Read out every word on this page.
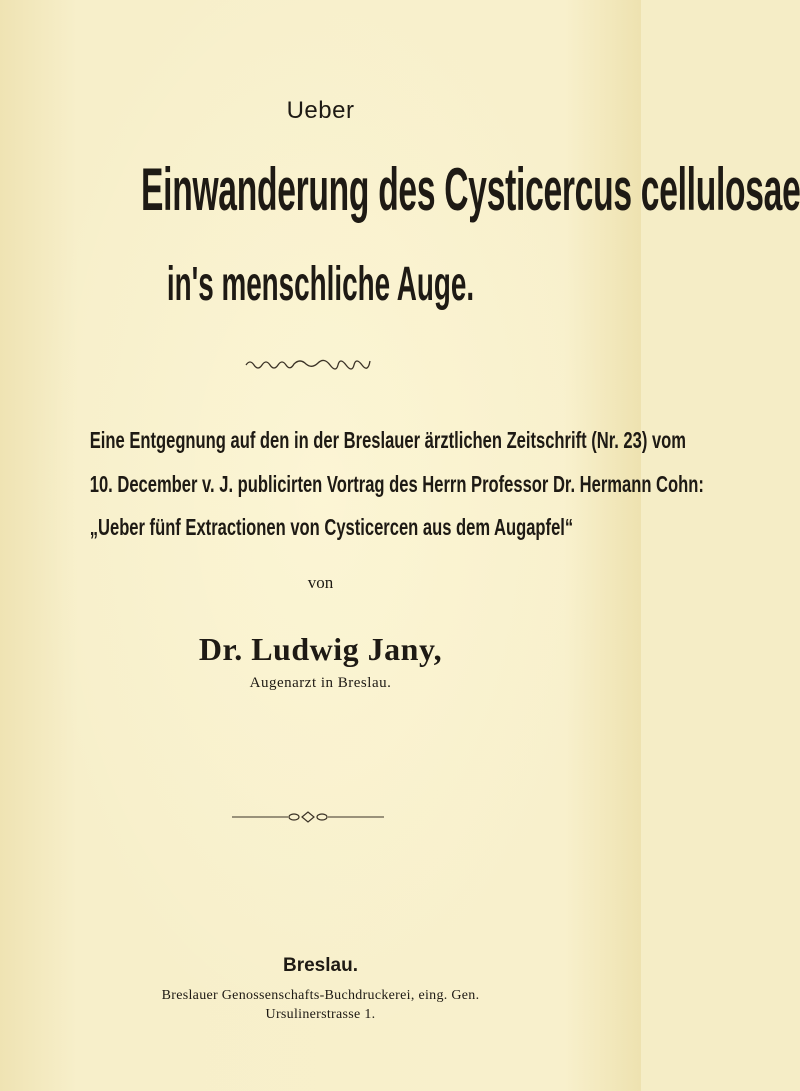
Ueber
Einwanderung des Cysticercus cellulosae
in's menschliche Auge.
Eine Entgegnung auf den in der Breslauer ärztlichen Zeitschrift (Nr. 23) vom
10. December v. J. publicirten Vortrag des Herrn Professor Dr. Hermann Cohn:
„Ueber fünf Extractionen von Cysticercen aus dem Augapfel“
von
Dr. Ludwig Jany,
Augenarzt in Breslau.
Breslau.
Breslauer Genossenschafts-Buchdruckerei, eing. Gen.
Ursulinerstrasse 1.
